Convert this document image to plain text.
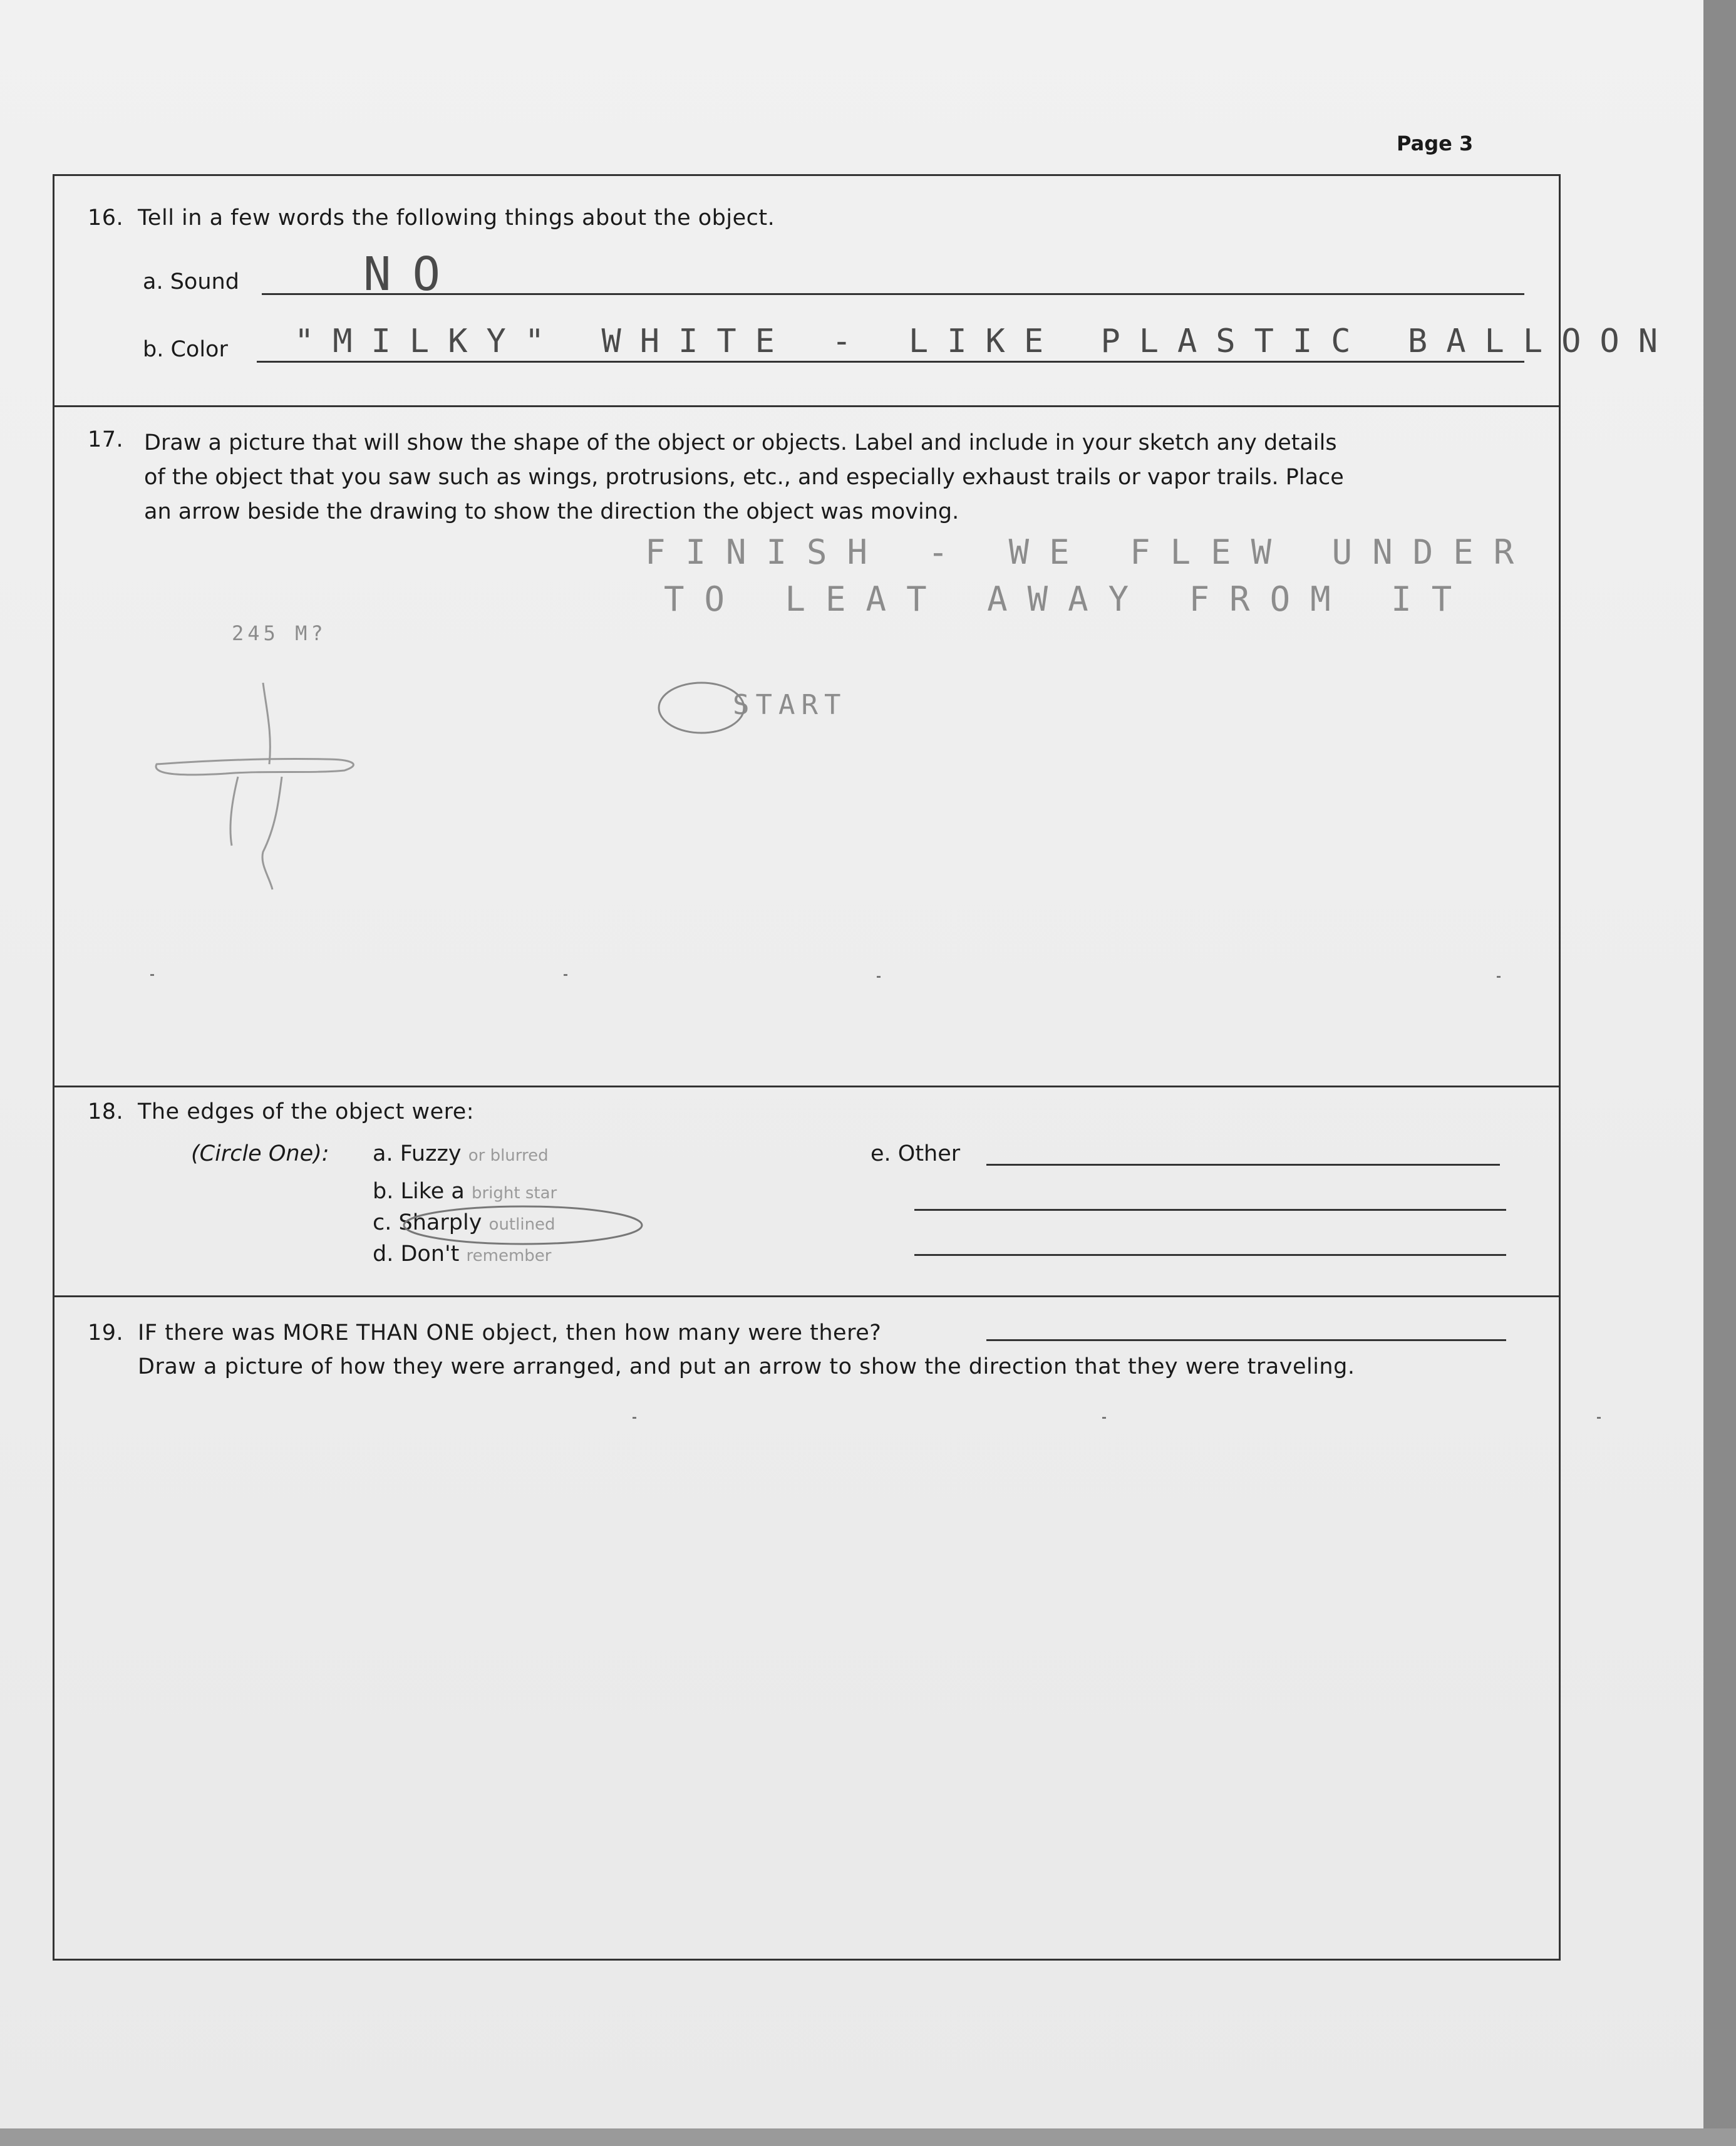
Page 3
16. Tell in a few words the following things about the object.
a. Sound	NO
b. Color "MILKY" WHITE - LIKE PLASTIC BALLOON
17. Draw a picture that will show the shape of the object or objects. Label and include in your sketch any details
of the object that you saw such as wings, protrusions, etc., and especially exhaust trails or vapor trails. Place
an arrow beside the drawing to show the direction the object was moving.
FINISH - WE FLEW UNDER
TO LEAT AWAY FROM IT
START
245 M?
18. The edges of the object were:
(Circle One): a. Fuzzy or blurred
b. Like a bright star
c. Sharply outlined
d. Don't remember
e. Other
19. IF there was MORE THAN ONE object, then how many were there?
Draw a picture of how they were arranged, and put an arrow to show the direction that they were traveling.
